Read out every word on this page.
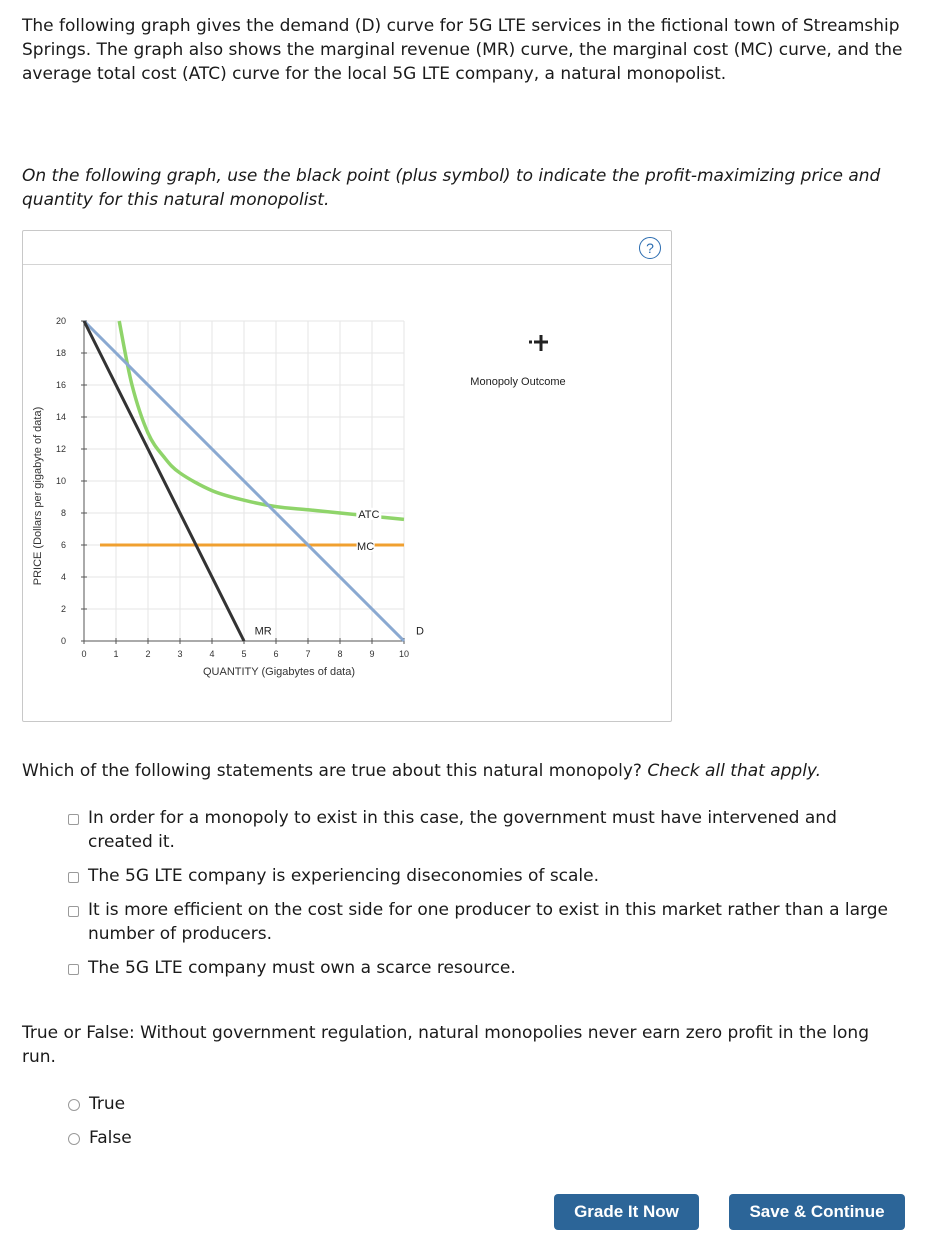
The following graph gives the demand (D) curve for 5G LTE services in the fictional town of Streamship Springs. The graph also shows the marginal revenue (MR) curve, the marginal cost (MC) curve, and the average total cost (ATC) curve for the local 5G LTE company, a natural monopolist.

On the following graph, use the black point (plus symbol) to indicate the profit-maximizing price and quantity for this natural monopolist.

?
0	1	2	3	4	5	6	7	8	9	10
0
2
4
6
8
10
12
14
16
18
20
D
MR
MC
ATC
PRICE (Dollars per gigabyte of data)
QUANTITY (Gigabytes of data)
Monopoly Outcome

Which of the following statements are true about this natural monopoly? Check all that apply.

In order for a monopoly to exist in this case, the government must have intervened and created it.
The 5G LTE company is experiencing diseconomies of scale.
It is more efficient on the cost side for one producer to exist in this market rather than a large number of producers.
The 5G LTE company must own a scarce resource.

True or False: Without government regulation, natural monopolies never earn zero profit in the long run.

True
False
Grade It Now	Save & Continue
